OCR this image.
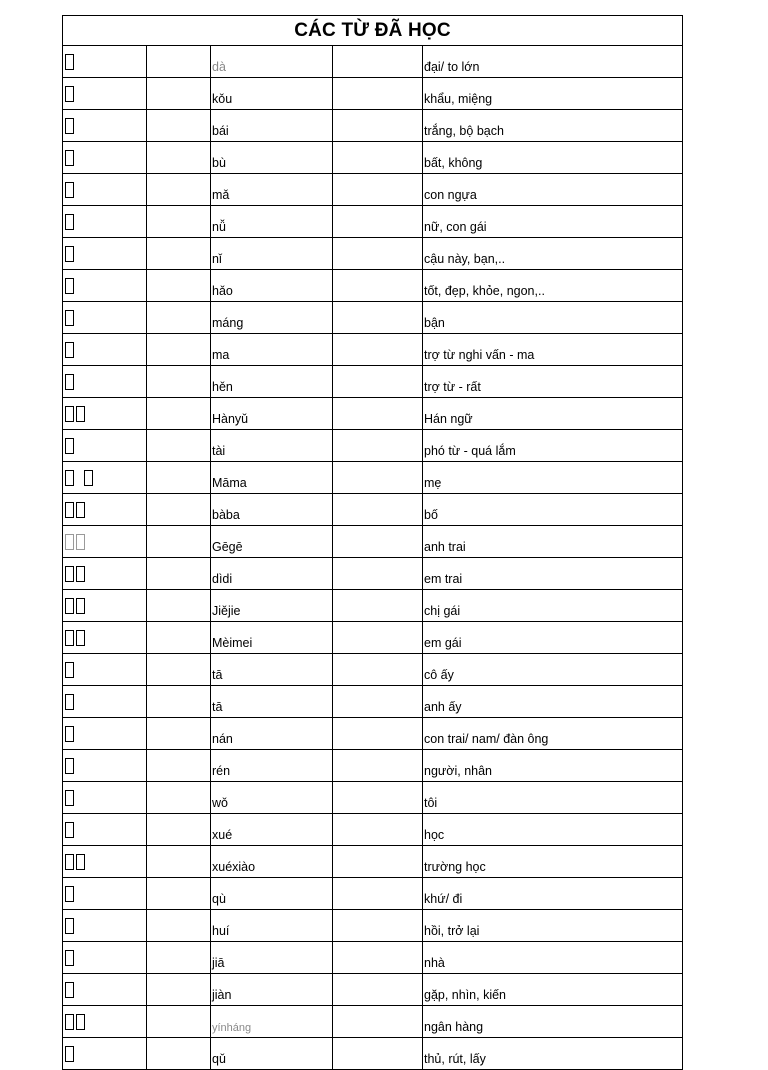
CÁC TỪ ĐÃ HỌC				
		dà		đại/ to lớn
		kǒu		khẩu, miệng
		bái		trắng, bộ bạch
		bù		bất, không
		mǎ		con ngựa
		nǚ		nữ, con gái
		nǐ		cậu này, bạn,..
		hǎo		tốt, đẹp, khỏe, ngon,..
		máng		bận
		ma		trợ từ nghi vấn - ma
		hěn		trợ từ - rất
		Hànyǔ		Hán ngữ
		tài		phó từ - quá lắm
		Māma		mẹ
		bàba		bố
		Gēgē		anh trai
		dìdi		em trai
		Jiějie		chị gái
		Mèimei		em gái
		tā		cô ấy
		tā		anh ấy
		nán		con trai/ nam/ đàn ông
		rén		người, nhân
		wǒ		tôi
		xué		học
		xuéxiào		trường học
		qù		khứ/ đi
		huí		hồi, trở lại
		jiā		nhà
		jiàn		gặp, nhìn, kiến
		yínháng		ngân hàng
		qǔ		thủ, rút, lấy
